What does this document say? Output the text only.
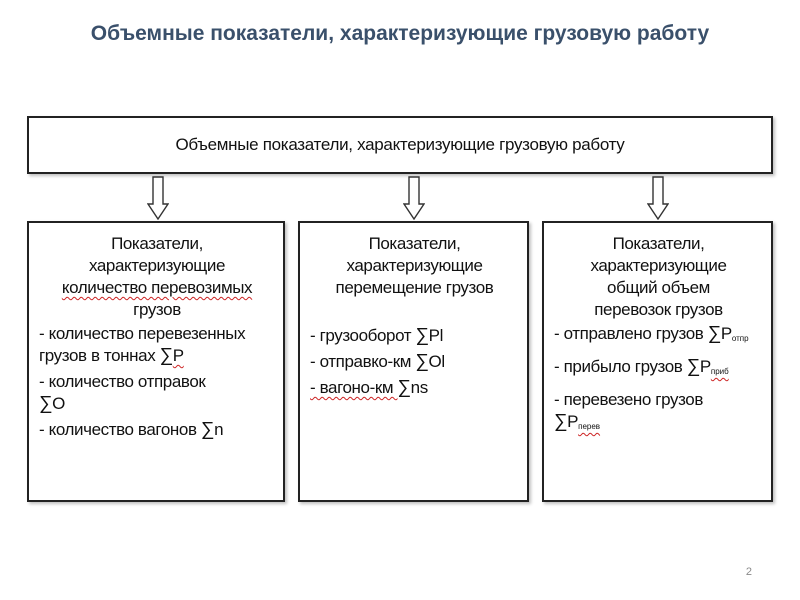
Объемные показатели, характеризующие грузовую работу
Объемные показатели, характеризующие грузовую работу
Показатели,
характеризующие
количество перевозимых
грузов
- количество перевезенных
грузов в тоннах ∑P
- количество отправок
∑O
- количество вагонов ∑n
Показатели,
характеризующие
перемещение грузов
- грузооборот ∑Pl
- отправко-км ∑Ol
- вагоно-км ∑ns
Показатели,
характеризующие
общий объем
перевозок грузов
- отправлено грузов $\sum P_{отпр}$
- прибыло грузов $\sum P_{приб}$
- перевезено грузов
$\sum P_{перев}$
2
